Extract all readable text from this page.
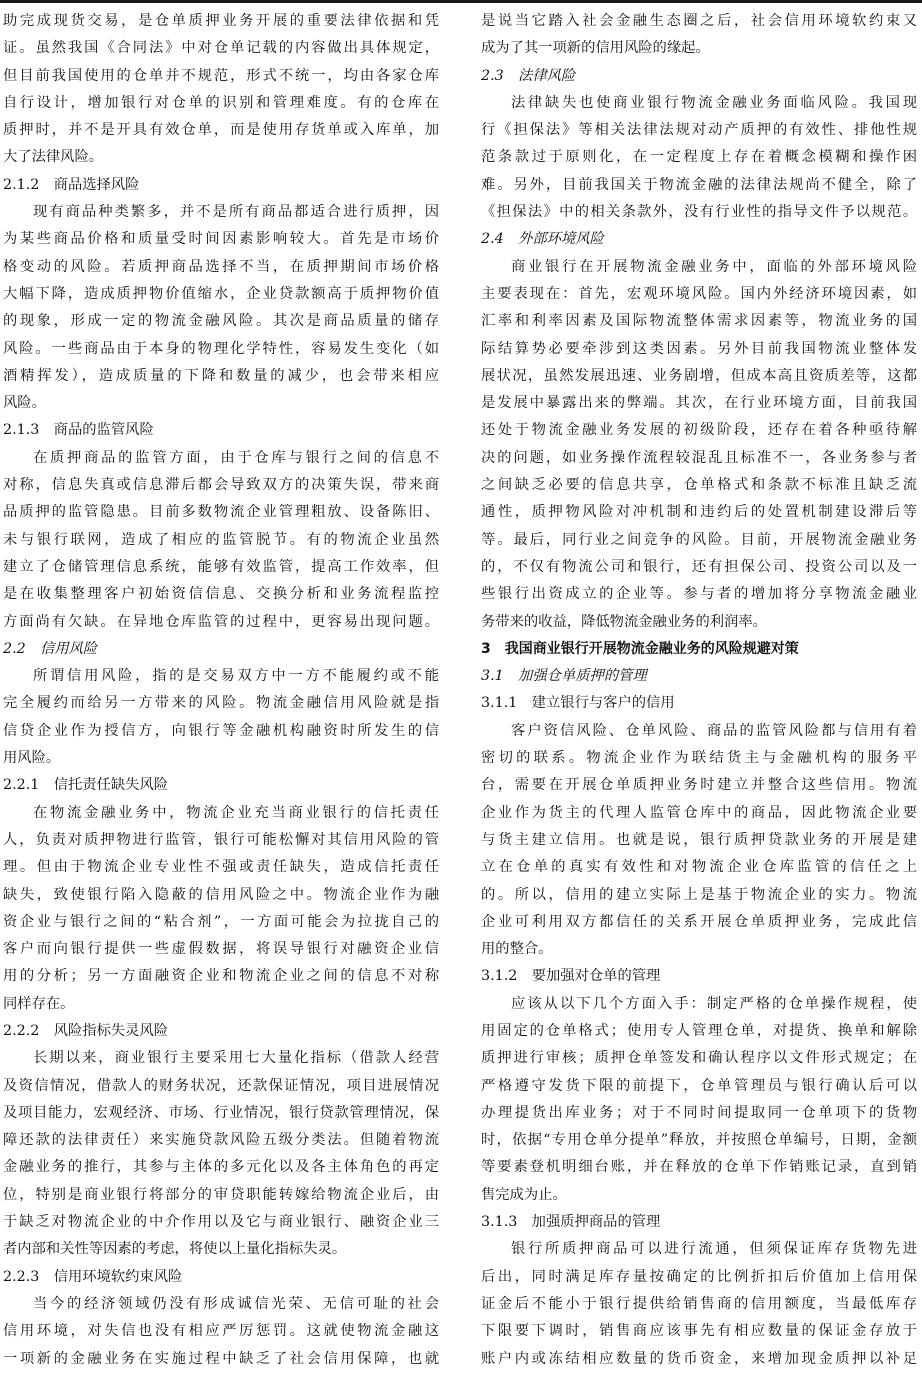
助完成现货交易，是仓单质押业务开展的重要法律依据和凭
证。虽然我国《合同法》中对仓单记载的内容做出具体规定，
但目前我国使用的仓单并不规范，形式不统一，均由各家仓库
自行设计，增加银行对仓单的识别和管理难度。有的仓库在
质押时，并不是开具有效仓单，而是使用存货单或入库单，加
大了法律风险。
2.1.2　商品选择风险
现有商品种类繁多，并不是所有商品都适合进行质押，因
为某些商品价格和质量受时间因素影响较大。首先是市场价
格变动的风险。若质押商品选择不当，在质押期间市场价格
大幅下降，造成质押物价值缩水，企业贷款额高于质押物价值
的现象，形成一定的物流金融风险。其次是商品质量的储存
风险。一些商品由于本身的物理化学特性，容易发生变化（如
酒精挥发），造成质量的下降和数量的减少，也会带来相应
风险。
2.1.3　商品的监管风险
在质押商品的监管方面，由于仓库与银行之间的信息不
对称，信息失真或信息滞后都会导致双方的决策失误，带来商
品质押的监管隐患。目前多数物流企业管理粗放、设备陈旧、
未与银行联网，造成了相应的监管脱节。有的物流企业虽然
建立了仓储管理信息系统，能够有效监管，提高工作效率，但
是在收集整理客户初始资信信息、交换分析和业务流程监控
方面尚有欠缺。在异地仓库监管的过程中，更容易出现问题。
2.2　信用风险
所谓信用风险，指的是交易双方中一方不能履约或不能
完全履约而给另一方带来的风险。物流金融信用风险就是指
信贷企业作为授信方，向银行等金融机构融资时所发生的信
用风险。
2.2.1　信托责任缺失风险
在物流金融业务中，物流企业充当商业银行的信托责任
人，负责对质押物进行监管，银行可能松懈对其信用风险的管
理。但由于物流企业专业性不强或责任缺失，造成信托责任
缺失，致使银行陷入隐蔽的信用风险之中。物流企业作为融
资企业与银行之间的“粘合剂”，一方面可能会为拉拢自己的
客户而向银行提供一些虚假数据，将误导银行对融资企业信
用的分析；另一方面融资企业和物流企业之间的信息不对称
同样存在。
2.2.2　风险指标失灵风险
长期以来，商业银行主要采用七大量化指标（借款人经营
及资信情况，借款人的财务状况，还款保证情况，项目进展情况
及项目能力，宏观经济、市场、行业情况，银行贷款管理情况，保
障还款的法律责任）来实施贷款风险五级分类法。但随着物流
金融业务的推行，其参与主体的多元化以及各主体角色的再定
位，特别是商业银行将部分的审贷职能转嫁给物流企业后，由
于缺乏对物流企业的中介作用以及它与商业银行、融资企业三
者内部和关性等因素的考虑，将使以上量化指标失灵。
2.2.3　信用环境软约束风险
当今的经济领域仍没有形成诚信光荣、无信可耻的社会
信用环境，对失信也没有相应严厉惩罚。这就使物流金融这
一项新的金融业务在实施过程中缺乏了社会信用保障，也就
是说当它踏入社会金融生态圈之后，社会信用环境软约束又
成为了其一项新的信用风险的缘起。
2.3　法律风险
法律缺失也使商业银行物流金融业务面临风险。我国现
行《担保法》等相关法律法规对动产质押的有效性、排他性规
范条款过于原则化，在一定程度上存在着概念模糊和操作困
难。另外，目前我国关于物流金融的法律法规尚不健全，除了
《担保法》中的相关条款外，没有行业性的指导文件予以规范。
2.4　外部环境风险
商业银行在开展物流金融业务中，面临的外部环境风险
主要表现在：首先，宏观环境风险。国内外经济环境因素，如
汇率和利率因素及国际物流整体需求因素等，物流业务的国
际结算势必要牵涉到这类因素。另外目前我国物流业整体发
展状况，虽然发展迅速、业务剧增，但成本高且资质差等，这都
是发展中暴露出来的弊端。其次，在行业环境方面，目前我国
还处于物流金融业务发展的初级阶段，还存在着各种亟待解
决的问题，如业务操作流程较混乱且标准不一，各业务参与者
之间缺乏必要的信息共享，仓单格式和条款不标准且缺乏流
通性，质押物风险对冲机制和违约后的处置机制建设滞后等
等。最后，同行业之间竞争的风险。目前，开展物流金融业务
的，不仅有物流公司和银行，还有担保公司、投资公司以及一
些银行出资成立的企业等。参与者的增加将分享物流金融业
务带来的收益，降低物流金融业务的利润率。
3　我国商业银行开展物流金融业务的风险规避对策
3.1　加强仓单质押的管理
3.1.1　建立银行与客户的信用
客户资信风险、仓单风险、商品的监管风险都与信用有着
密切的联系。物流企业作为联结货主与金融机构的服务平
台，需要在开展仓单质押业务时建立并整合这些信用。物流
企业作为货主的代理人监管仓库中的商品，因此物流企业要
与货主建立信用。也就是说，银行质押贷款业务的开展是建
立在仓单的真实有效性和对物流企业仓库监管的信任之上
的。所以，信用的建立实际上是基于物流企业的实力。物流
企业可利用双方都信任的关系开展仓单质押业务，完成此信
用的整合。
3.1.2　要加强对仓单的管理
应该从以下几个方面入手：制定严格的仓单操作规程，使
用固定的仓单格式；使用专人管理仓单，对提货、换单和解除
质押进行审核；质押仓单签发和确认程序以文件形式规定；在
严格遵守发货下限的前提下，仓单管理员与银行确认后可以
办理提货出库业务；对于不同时间提取同一仓单项下的货物
时，依据“专用仓单分提单”释放，并按照仓单编号，日期，金额
等要素登机明细台账，并在释放的仓单下作销账记录，直到销
售完成为止。
3.1.3　加强质押商品的管理
银行所质押商品可以进行流通，但须保证库存货物先进
后出，同时满足库存量按确定的比例折扣后价值加上信用保
证金后不能小于银行提供给销售商的信用额度，当最低库存
下限要下调时，销售商应该事先有相应数量的保证金存放于
账户内或冻结相应数量的货币资金，来增加现金质押以补足
